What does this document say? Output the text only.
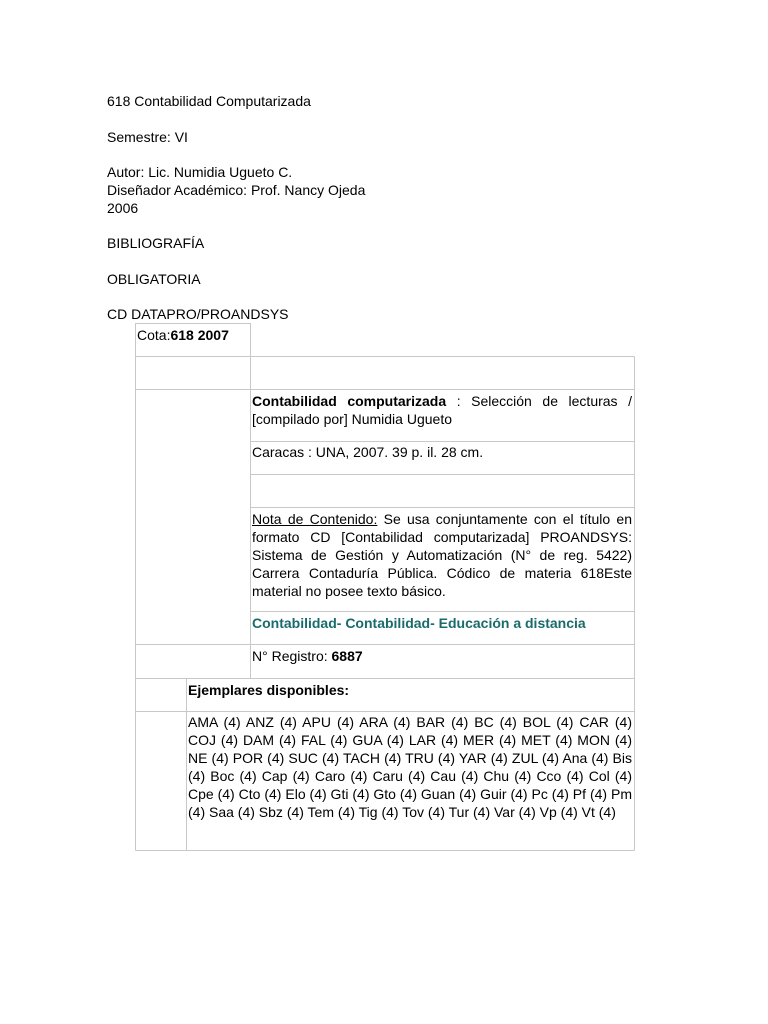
618 Contabilidad Computarizada

Semestre: VI

Autor: Lic. Numidia Ugueto C.

Diseñador Académico: Prof. Nancy Ojeda

2006

BIBLIOGRAFÍA

OBLIGATORIA

CD DATAPRO/PROANDSYS

Cota:618 2007
Contabilidad computarizada : Selección de lecturas / [compilado por] Numidia Ugueto
Caracas : UNA, 2007. 39 p. il. 28 cm.
Nota de Contenido: Se usa conjuntamente con el título en formato CD [Contabilidad computarizada] PROANDSYS: Sistema de Gestión y Automatización (N° de reg. 5422) Carrera Contaduría Pública. Códico de materia 618Este material no posee texto básico.
Contabilidad- Contabilidad- Educación a distancia
N° Registro: 6887
Ejemplares disponibles:
AMA (4) ANZ (4) APU (4) ARA (4) BAR (4) BC (4) BOL (4) CAR (4) COJ (4) DAM (4) FAL (4) GUA (4) LAR (4) MER (4) MET (4) MON (4) NE (4) POR (4) SUC (4) TACH (4) TRU (4) YAR (4) ZUL (4) Ana (4) Bis (4) Boc (4) Cap (4) Caro (4) Caru (4) Cau (4) Chu (4) Cco (4) Col (4) Cpe (4) Cto (4) Elo (4) Gti (4) Gto (4) Guan (4) Guir (4) Pc (4) Pf (4) Pm (4) Saa (4) Sbz (4) Tem (4) Tig (4) Tov (4) Tur (4) Var (4) Vp (4) Vt (4)
